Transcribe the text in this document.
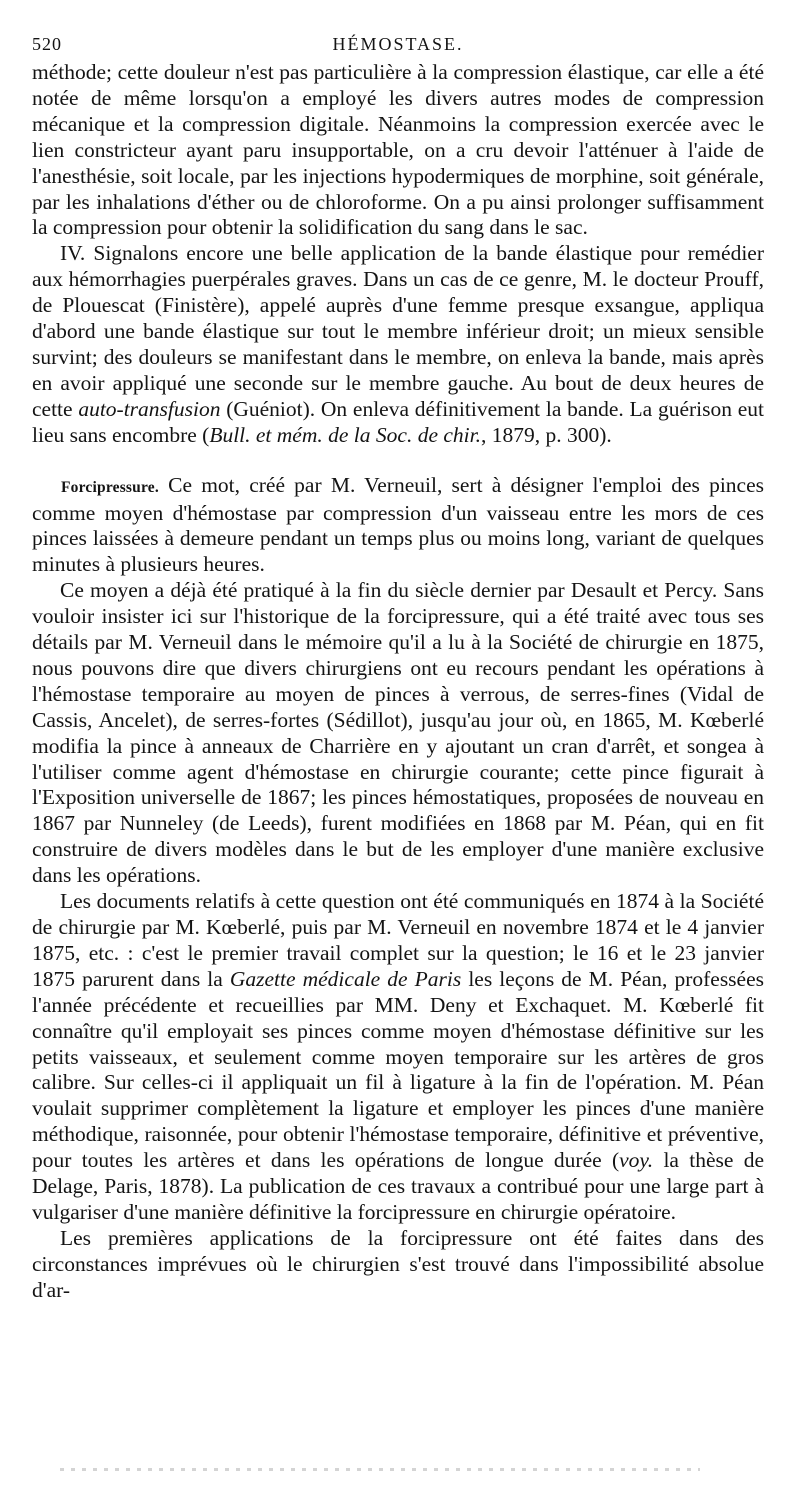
520	HÉMOSTASE.

méthode; cette douleur n'est pas particulière à la compression élastique, car elle a été notée de même lorsqu'on a employé les divers autres modes de compression mécanique et la compression digitale. Néanmoins la compression exercée avec le lien constricteur ayant paru insupportable, on a cru devoir l'atténuer à l'aide de l'anesthésie, soit locale, par les injections hypodermiques de morphine, soit générale, par les inhalations d'éther ou de chloroforme. On a pu ainsi prolonger suffisamment la compression pour obtenir la solidification du sang dans le sac.

IV. Signalons encore une belle application de la bande élastique pour remédier aux hémorrhagies puerpérales graves. Dans un cas de ce genre, M. le docteur Prouff, de Plouescat (Finistère), appelé auprès d'une femme presque exsangue, appliqua d'abord une bande élastique sur tout le membre inférieur droit; un mieux sensible survint; des douleurs se manifestant dans le membre, on enleva la bande, mais après en avoir appliqué une seconde sur le membre gauche. Au bout de deux heures de cette auto-transfusion (Guéniot). On enleva définitivement la bande. La guérison eut lieu sans encombre (Bull. et mém. de la Soc. de chir., 1879, p. 300).

Forcipressure. Ce mot, créé par M. Verneuil, sert à désigner l'emploi des pinces comme moyen d'hémostase par compression d'un vaisseau entre les mors de ces pinces laissées à demeure pendant un temps plus ou moins long, variant de quelques minutes à plusieurs heures.

Ce moyen a déjà été pratiqué à la fin du siècle dernier par Desault et Percy. Sans vouloir insister ici sur l'historique de la forcipressure, qui a été traité avec tous ses détails par M. Verneuil dans le mémoire qu'il a lu à la Société de chirurgie en 1875, nous pouvons dire que divers chirurgiens ont eu recours pendant les opérations à l'hémostase temporaire au moyen de pinces à verrous, de serres-fines (Vidal de Cassis, Ancelet), de serres-fortes (Sédillot), jusqu'au jour où, en 1865, M. Kœberlé modifia la pince à anneaux de Charrière en y ajoutant un cran d'arrêt, et songea à l'utiliser comme agent d'hémostase en chirurgie courante; cette pince figurait à l'Exposition universelle de 1867; les pinces hémostatiques, proposées de nouveau en 1867 par Nunneley (de Leeds), furent modifiées en 1868 par M. Péan, qui en fit construire de divers modèles dans le but de les employer d'une manière exclusive dans les opérations.

Les documents relatifs à cette question ont été communiqués en 1874 à la Société de chirurgie par M. Kœberlé, puis par M. Verneuil en novembre 1874 et le 4 janvier 1875, etc. : c'est le premier travail complet sur la question; le 16 et le 23 janvier 1875 parurent dans la Gazette médicale de Paris les leçons de M. Péan, professées l'année précédente et recueillies par MM. Deny et Exchaquet. M. Kœberlé fit connaître qu'il employait ses pinces comme moyen d'hémostase définitive sur les petits vaisseaux, et seulement comme moyen temporaire sur les artères de gros calibre. Sur celles-ci il appliquait un fil à ligature à la fin de l'opération. M. Péan voulait supprimer complètement la ligature et employer les pinces d'une manière méthodique, raisonnée, pour obtenir l'hémostase temporaire, définitive et préventive, pour toutes les artères et dans les opérations de longue durée (voy. la thèse de Delage, Paris, 1878). La publication de ces travaux a contribué pour une large part à vulgariser d'une manière définitive la forcipressure en chirurgie opératoire.

Les premières applications de la forcipressure ont été faites dans des circonstances imprévues où le chirurgien s'est trouvé dans l'impossibilité absolue d'ar-
